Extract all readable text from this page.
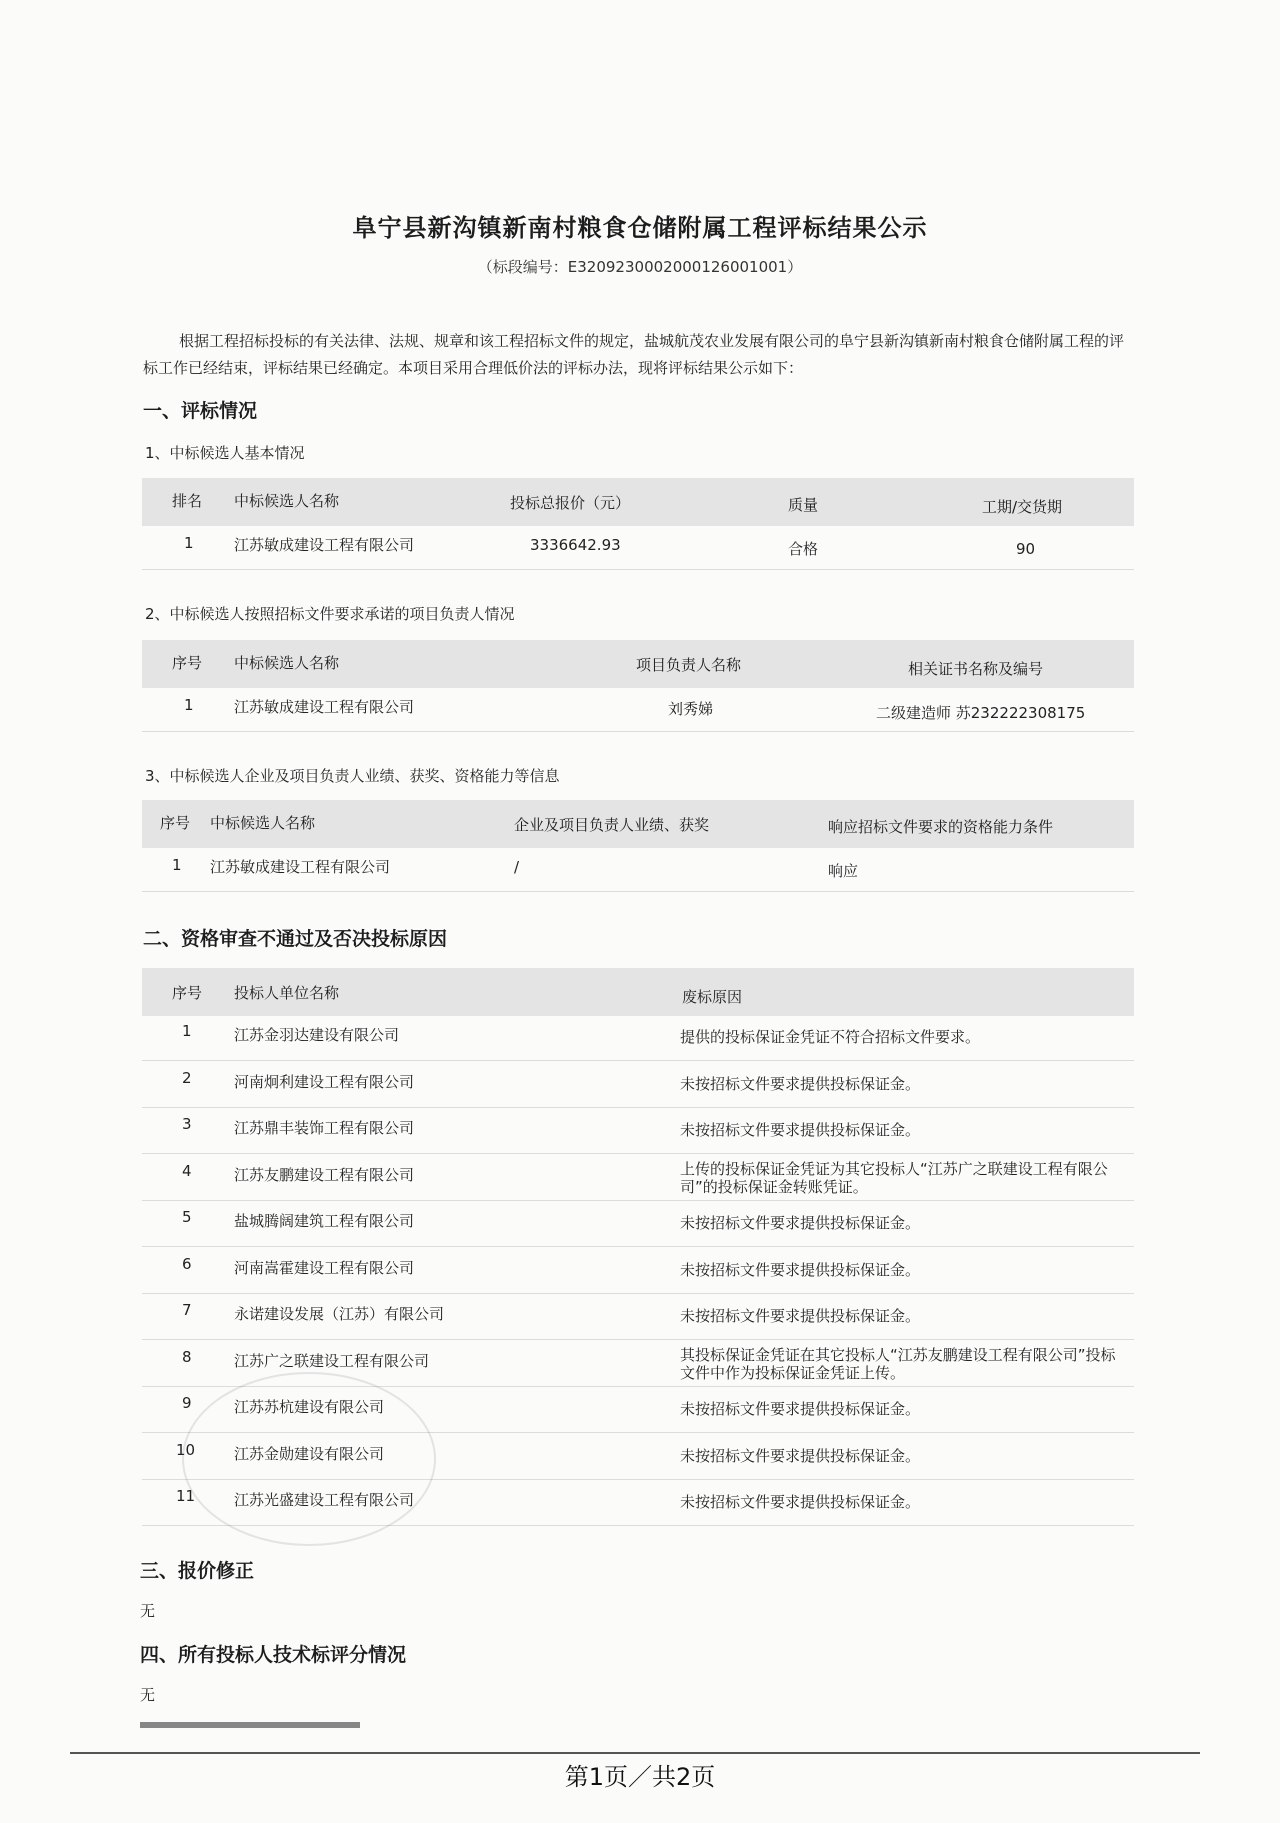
阜宁县新沟镇新南村粮食仓储附属工程评标结果公示
（标段编号：E3209230002000126001001）
根据工程招标投标的有关法律、法规、规章和该工程招标文件的规定，盐城航茂农业发展有限公司的阜宁县新沟镇新南村粮食仓储附属工程的评标工作已经结束，评标结果已经确定。本项目采用合理低价法的评标办法，现将评标结果公示如下：
一、评标情况
1、中标候选人基本情况
排名 中标候选人名称	投标总报价（元）	质量	工期/交货期
1	江苏敏成建设工程有限公司	3336642.93	合格	90
2、中标候选人按照招标文件要求承诺的项目负责人情况
序号 中标候选人名称	项目负责人名称	相关证书名称及编号
1	江苏敏成建设工程有限公司	刘秀娣	二级建造师 苏232222308175
3、中标候选人企业及项目负责人业绩、获奖、资格能力等信息
序号 中标候选人名称	企业及项目负责人业绩、获奖	响应招标文件要求的资格能力条件
1 江苏敏成建设工程有限公司	/	响应
二、资格审查不通过及否决投标原因
序号 投标人单位名称	废标原因
1	江苏金羽达建设有限公司	提供的投标保证金凭证不符合招标文件要求。
2	河南炯利建设工程有限公司	未按招标文件要求提供投标保证金。
3	江苏鼎丰装饰工程有限公司	未按招标文件要求提供投标保证金。
4	江苏友鹏建设工程有限公司	上传的投标保证金凭证为其它投标人“江苏广之联建设工程有限公司”的投标保证金转账凭证。
5	盐城腾阔建筑工程有限公司	未按招标文件要求提供投标保证金。
6	河南嵩霍建设工程有限公司	未按招标文件要求提供投标保证金。
7	永诺建设发展（江苏）有限公司	未按招标文件要求提供投标保证金。
8	江苏广之联建设工程有限公司	其投标保证金凭证在其它投标人“江苏友鹏建设工程有限公司”投标文件中作为投标保证金凭证上传。
9	江苏苏杭建设有限公司	未按招标文件要求提供投标保证金。
10	江苏金勋建设有限公司	未按招标文件要求提供投标保证金。
11	江苏光盛建设工程有限公司	未按招标文件要求提供投标保证金。
三、报价修正
无
四、所有投标人技术标评分情况
无
第1页／共2页
